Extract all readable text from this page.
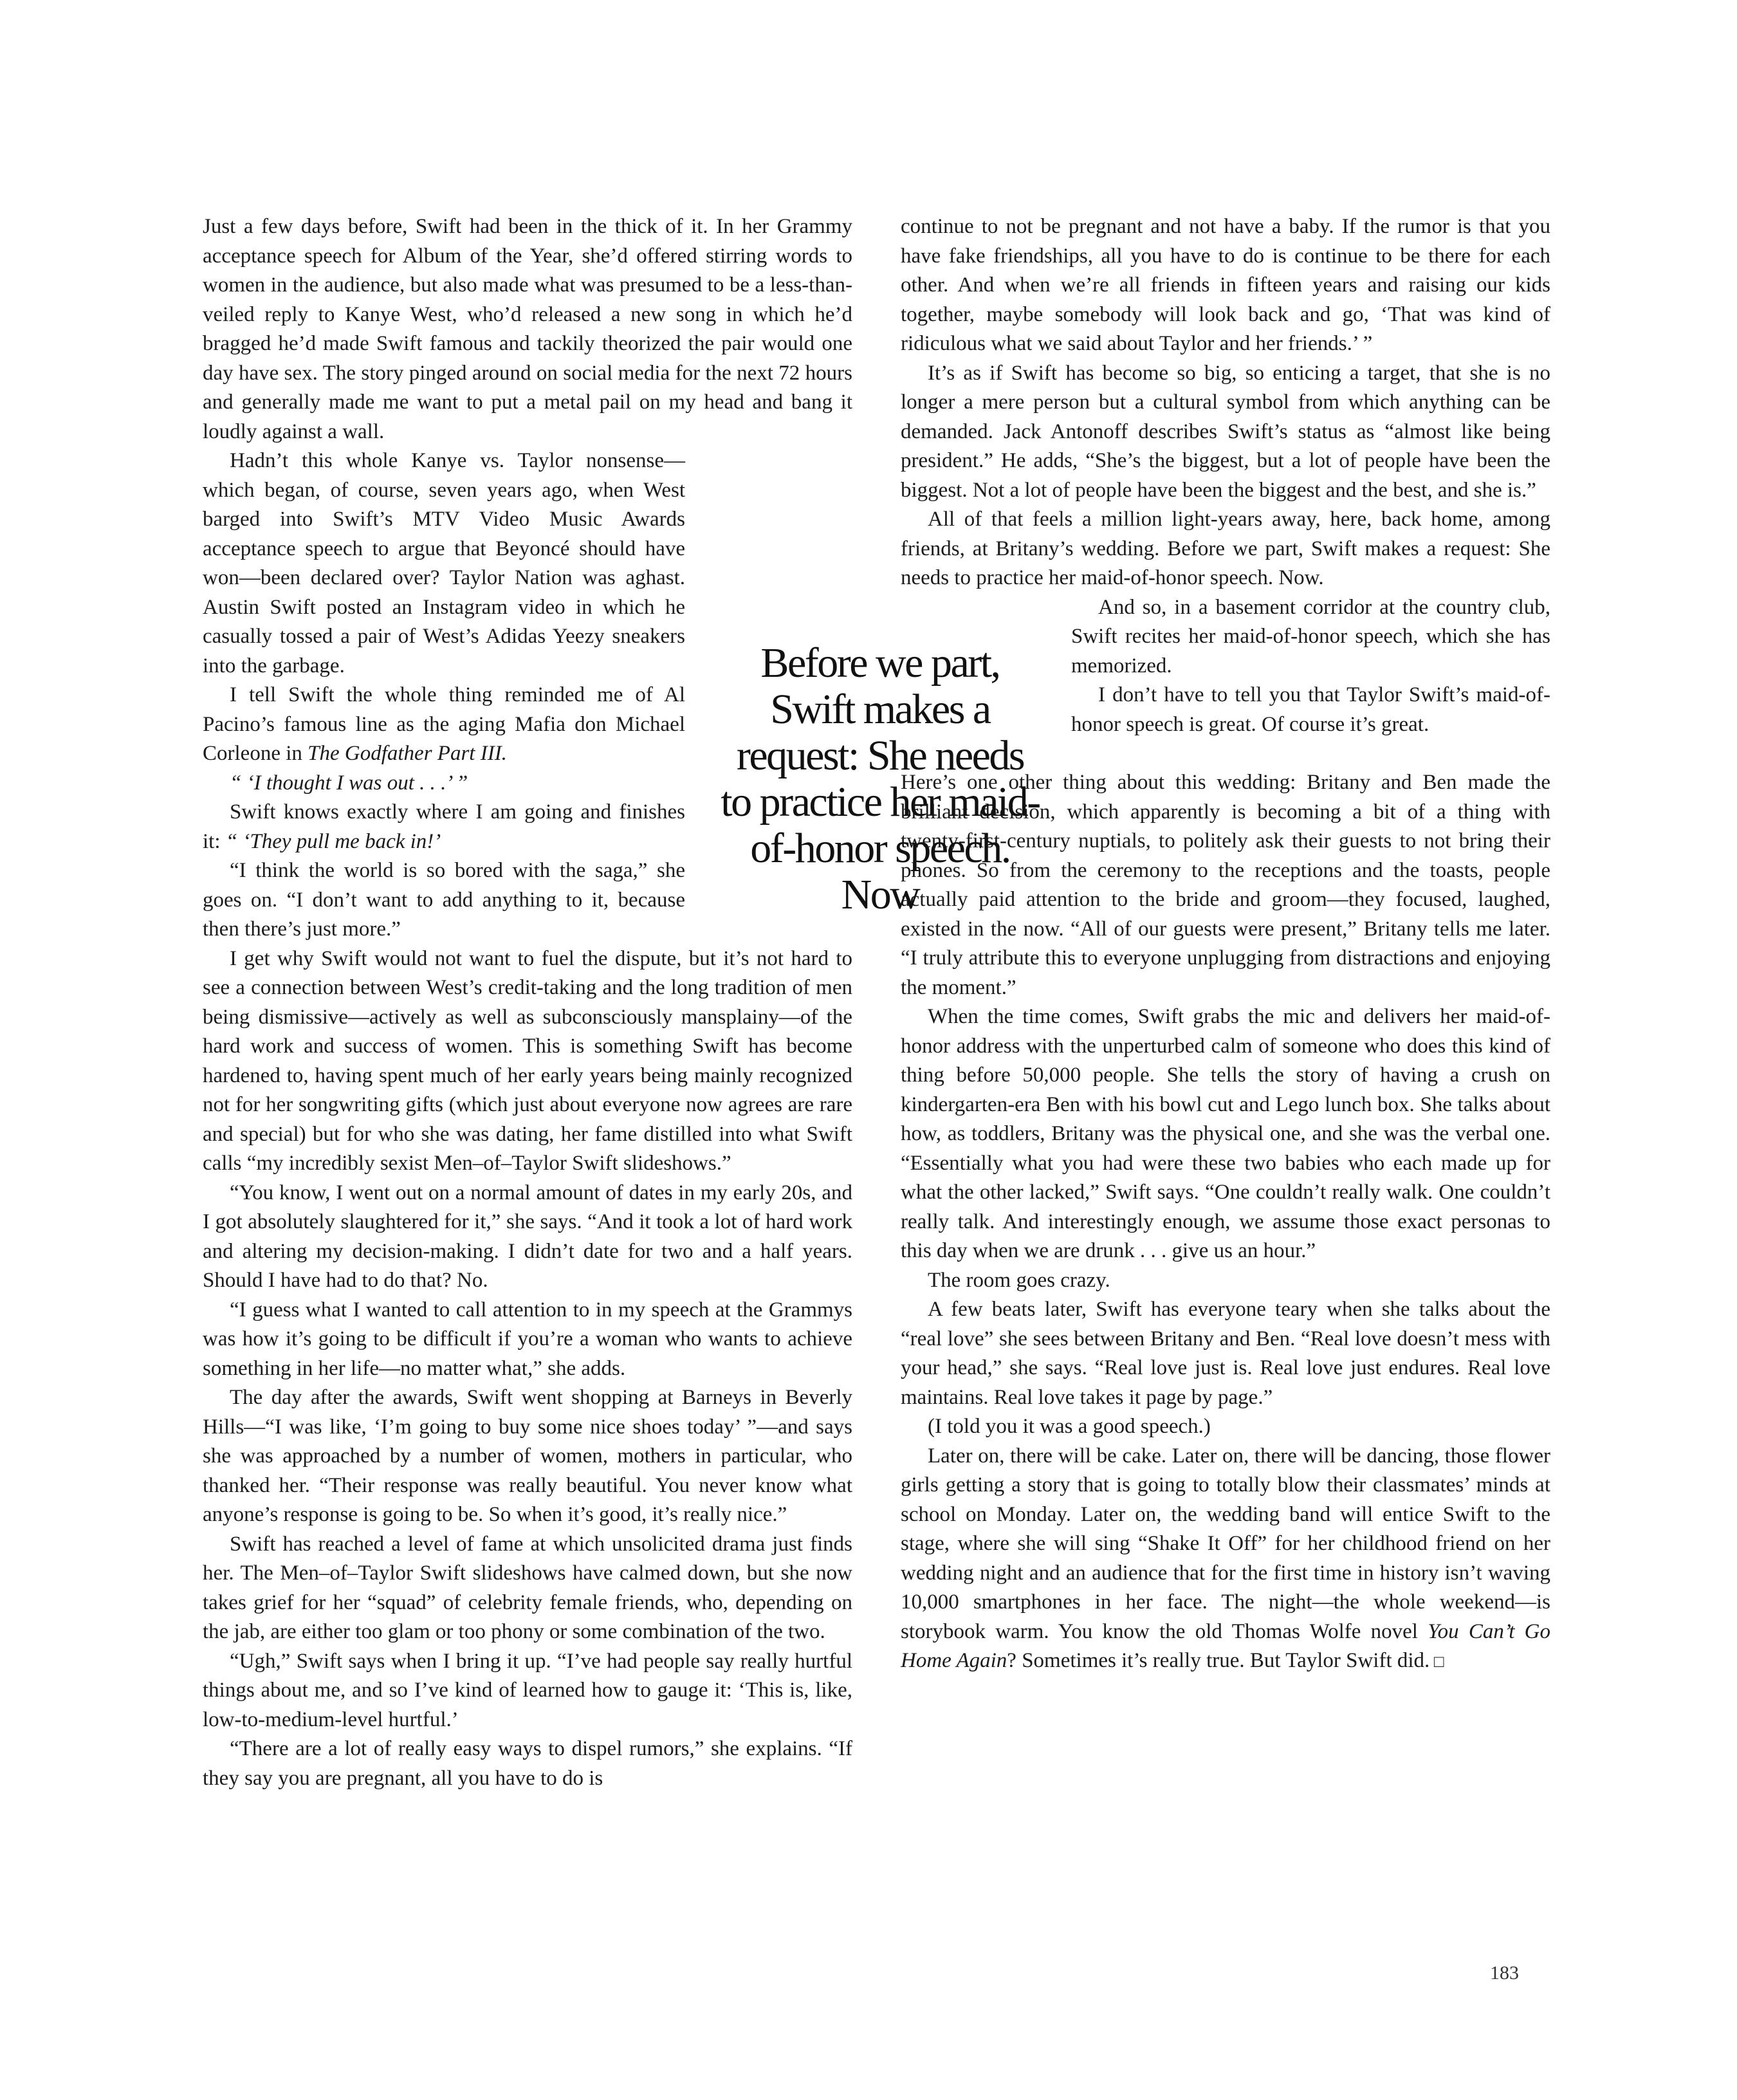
Just a few days before, Swift had been in the thick of it. In her Grammy acceptance speech for Album of the Year, she’d offered stirring words to women in the audience, but also made what was presumed to be a less-than-veiled reply to Kanye West, who’d released a new song in which he’d bragged he’d made Swift famous and tackily theorized the pair would one day have sex. The story pinged around on social media for the next 72 hours and generally made me want to put a metal pail on my head and bang it loudly against a wall.

Hadn’t this whole Kanye vs. Taylor nonsense—which began, of course, seven years ago, when West barged into Swift’s MTV Video Music Awards acceptance speech to argue that Beyoncé should have won—been declared over? Taylor Nation was aghast. Austin Swift posted an Instagram video in which he casually tossed a pair of West’s Adidas Yeezy sneakers into the garbage.

I tell Swift the whole thing reminded me of Al Pacino’s famous line as the aging Mafia don Michael Corleone in The Godfather Part III.

“ ‘I thought I was out . . .’ ”

Swift knows exactly where I am going and finishes it: “ ‘They pull me back in!’

“I think the world is so bored with the saga,” she goes on. “I don’t want to add anything to it, because then there’s just more.”

I get why Swift would not want to fuel the dispute, but it’s not hard to see a connection between West’s credit-taking and the long tradition of men being dismissive—actively as well as subconsciously mansplainy—of the hard work and success of women. This is something Swift has become hardened to, having spent much of her early years being mainly recognized not for her songwriting gifts (which just about everyone now agrees are rare and special) but for who she was dating, her fame distilled into what Swift calls “my incredibly sexist Men–of–Taylor Swift slideshows.”

“You know, I went out on a normal amount of dates in my early 20s, and I got absolutely slaughtered for it,” she says. “And it took a lot of hard work and altering my decision-making. I didn’t date for two and a half years. Should I have had to do that? No.

“I guess what I wanted to call attention to in my speech at the Grammys was how it’s going to be difficult if you’re a woman who wants to achieve something in her life—no matter what,” she adds.

The day after the awards, Swift went shopping at Barneys in Beverly Hills—“I was like, ‘I’m going to buy some nice shoes today’ ”—and says she was approached by a number of women, mothers in particular, who thanked her. “Their response was really beautiful. You never know what anyone’s response is going to be. So when it’s good, it’s really nice.”

Swift has reached a level of fame at which unsolicited drama just finds her. The Men–of–Taylor Swift slideshows have calmed down, but she now takes grief for her “squad” of celebrity female friends, who, depending on the jab, are either too glam or too phony or some combination of the two.

“Ugh,” Swift says when I bring it up. “I’ve had people say really hurtful things about me, and so I’ve kind of learned how to gauge it: ‘This is, like, low-to-medium-level hurtful.’

“There are a lot of really easy ways to dispel rumors,” she explains. “If they say you are pregnant, all you have to do is

continue to not be pregnant and not have a baby. If the rumor is that you have fake friendships, all you have to do is continue to be there for each other. And when we’re all friends in fifteen years and raising our kids together, maybe somebody will look back and go, ‘That was kind of ridiculous what we said about Taylor and her friends.’ ”

It’s as if Swift has become so big, so enticing a target, that she is no longer a mere person but a cultural symbol from which anything can be demanded. Jack Antonoff describes Swift’s status as “almost like being president.” He adds, “She’s the biggest, but a lot of people have been the biggest. Not a lot of people have been the biggest and the best, and she is.”

All of that feels a million light-years away, here, back home, among friends, at Britany’s wedding. Before we part, Swift makes a request: She needs to practice her maid-of-honor speech. Now.

And so, in a basement corridor at the country club, Swift recites her maid-of-honor speech, which she has memorized.

I don’t have to tell you that Taylor Swift’s maid-of-honor speech is great. Of course it’s great.

Here’s one other thing about this wedding: Britany and Ben made the brilliant decision, which apparently is becoming a bit of a thing with twenty-first-century nuptials, to politely ask their guests to not bring their phones. So from the ceremony to the receptions and the toasts, people actually paid attention to the bride and groom—they focused, laughed, existed in the now. “All of our guests were present,” Britany tells me later. “I truly attribute this to everyone unplugging from distractions and enjoying the moment.”

When the time comes, Swift grabs the mic and delivers her maid-of-honor address with the unperturbed calm of someone who does this kind of thing before 50,000 people. She tells the story of having a crush on kindergarten-era Ben with his bowl cut and Lego lunch box. She talks about how, as toddlers, Britany was the physical one, and she was the verbal one. “Essentially what you had were these two babies who each made up for what the other lacked,” Swift says. “One couldn’t really walk. One couldn’t really talk. And interestingly enough, we assume those exact personas to this day when we are drunk . . . give us an hour.”

The room goes crazy.

A few beats later, Swift has everyone teary when she talks about the “real love” she sees between Britany and Ben. “Real love doesn’t mess with your head,” she says. “Real love just is. Real love just endures. Real love maintains. Real love takes it page by page.”

(I told you it was a good speech.)

Later on, there will be cake. Later on, there will be dancing, those flower girls getting a story that is going to totally blow their classmates’ minds at school on Monday. Later on, the wedding band will entice Swift to the stage, where she will sing “Shake It Off” for her childhood friend on her wedding night and an audience that for the first time in history isn’t waving 10,000 smartphones in her face. The night—the whole weekend—is storybook warm. You know the old Thomas Wolfe novel You Can’t Go Home Again? Sometimes it’s really true. But Taylor Swift did. □

Before we part, Swift makes a request: She needs to practice her maid-of-honor speech. Now
183
